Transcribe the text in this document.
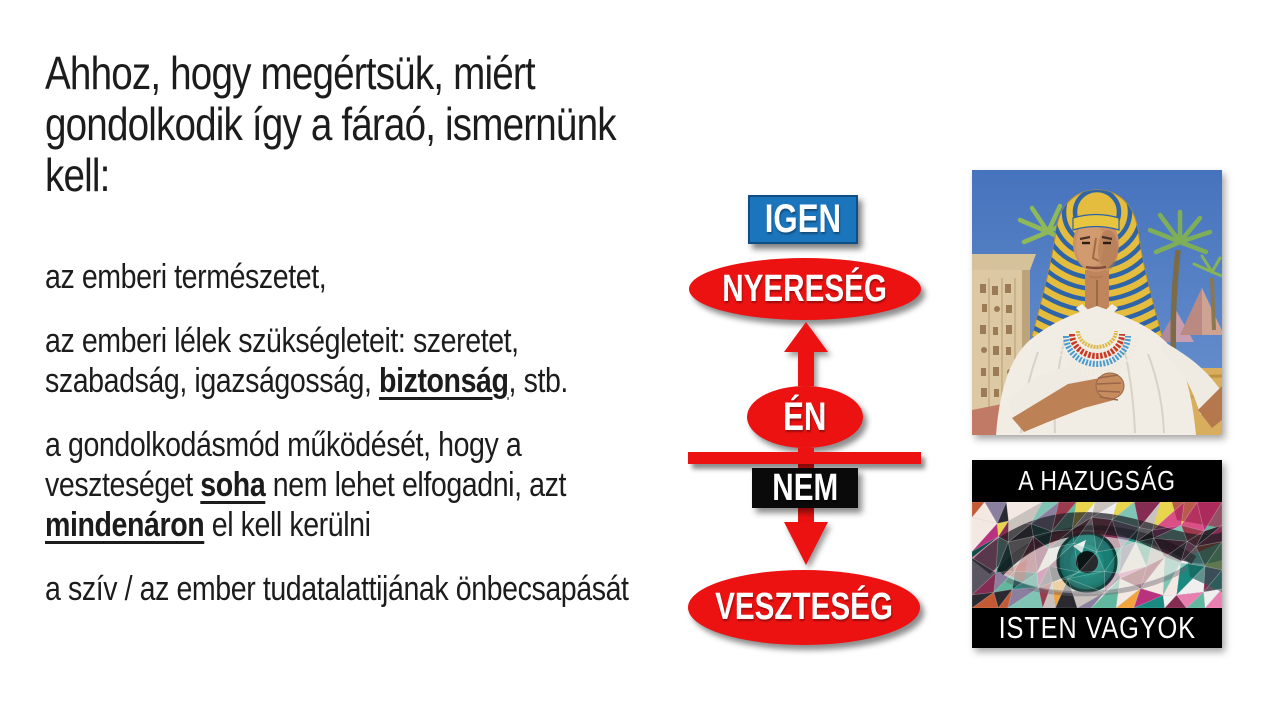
Ahhoz, hogy megértsük, miért gondolkodik így a fáraó, ismernünk kell:

az emberi természetet,

az emberi lélek szükségleteit: szeretet, szabadság, igazságosság, biztonság, stb.

a gondolkodásmód működését, hogy a veszteséget soha nem lehet elfogadni, azt mindenáron el kell kerülni

a szív / az ember tudatalattijának önbecsapását

IGEN
NYERESÉG
ÉN
NEM
VESZTESÉG
A HAZUGSÁG
ISTEN VAGYOK
